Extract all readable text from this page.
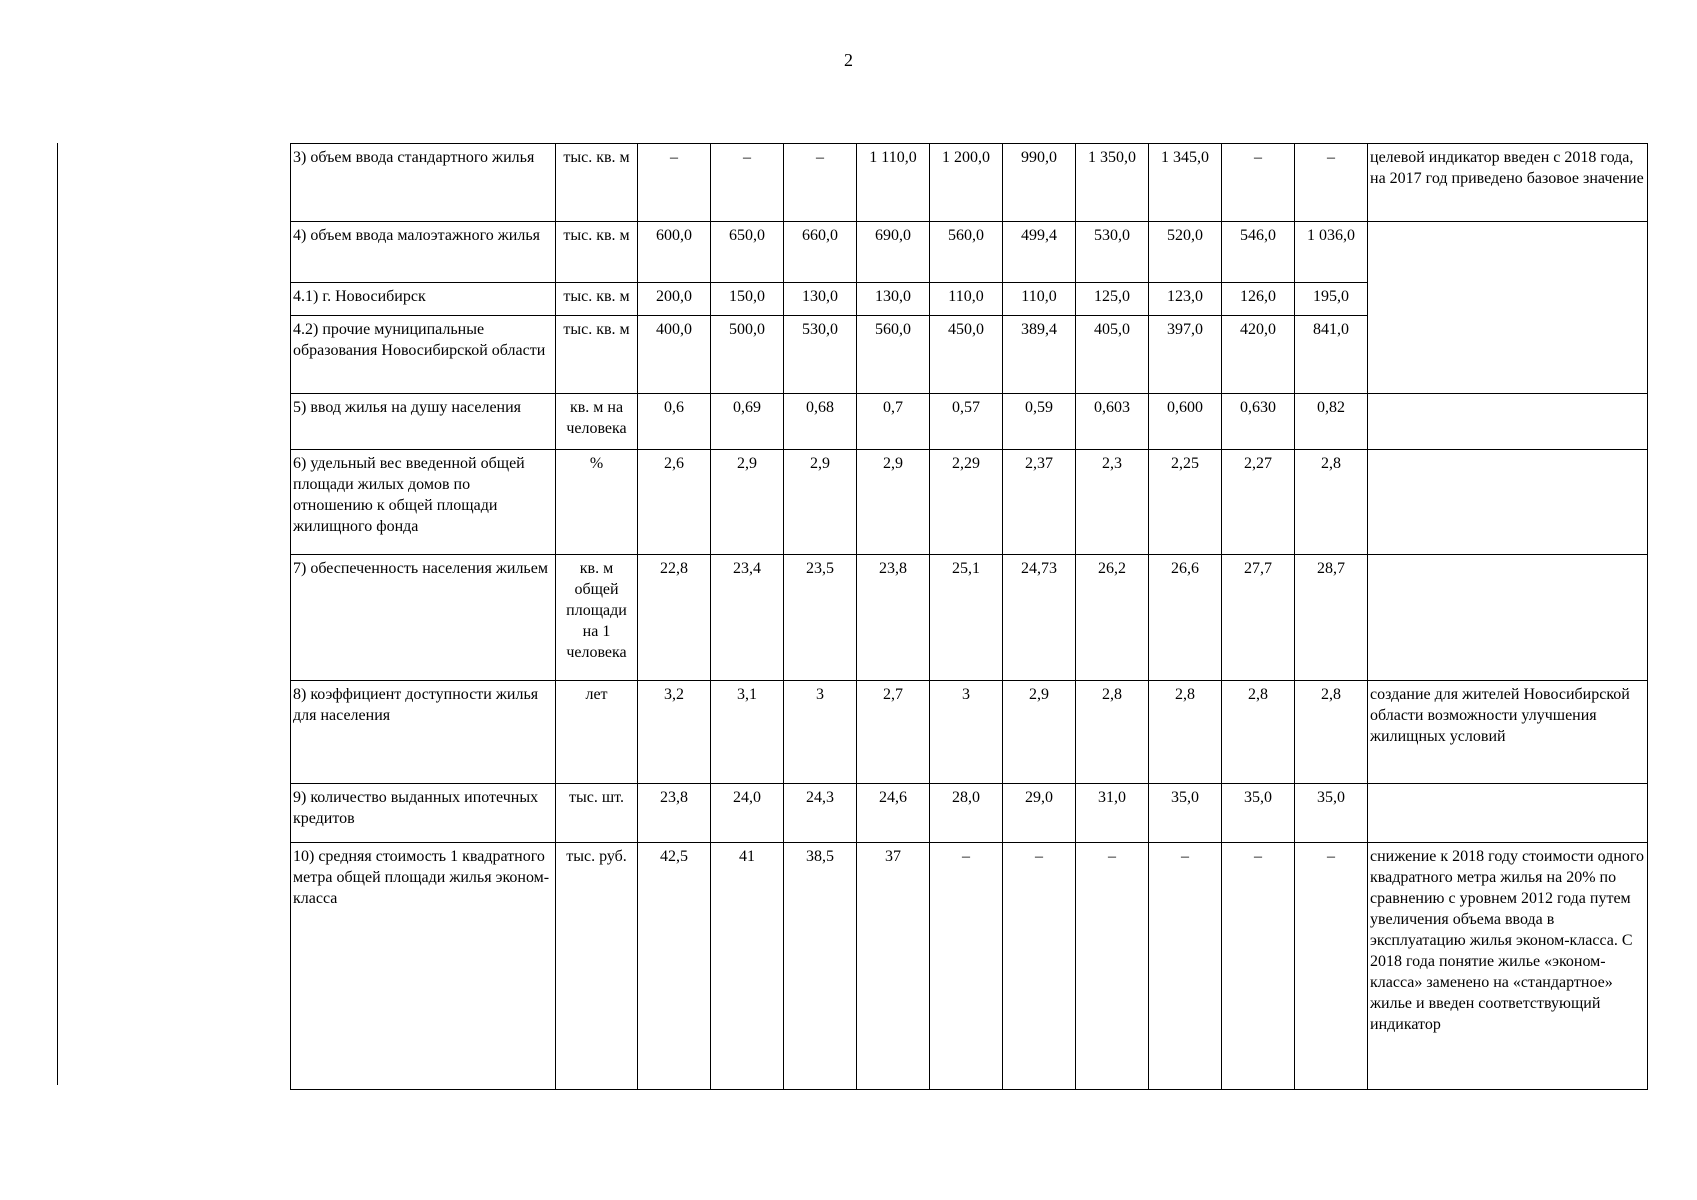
2
3) объем ввода стандартного жилья	тыс. кв. м	–	–	–	1 110,0	1 200,0	990,0	1 350,0	1 345,0	–	–	целевой индикатор введен с 2018 года, на 2017 год приведено базовое значение
4) объем ввода малоэтажного жилья	тыс. кв. м	600,0	650,0	660,0	690,0	560,0	499,4	530,0	520,0	546,0	1 036,0	
4.1) г. Новосибирск	тыс. кв. м	200,0	150,0	130,0	130,0	110,0	110,0	125,0	123,0	126,0	195,0	
4.2) прочие муниципальные образования Новосибирской области	тыс. кв. м	400,0	500,0	530,0	560,0	450,0	389,4	405,0	397,0	420,0	841,0	
5) ввод жилья на душу населения	кв. м на человека	0,6	0,69	0,68	0,7	0,57	0,59	0,603	0,600	0,630	0,82	
6) удельный вес введенной общей площади жилых домов по отношению к общей площади жилищного фонда	%	2,6	2,9	2,9	2,9	2,29	2,37	2,3	2,25	2,27	2,8	
7) обеспеченность населения жильем	кв. м общей площади на 1 человека	22,8	23,4	23,5	23,8	25,1	24,73	26,2	26,6	27,7	28,7	
8) коэффициент доступности жилья для населения	лет	3,2	3,1	3	2,7	3	2,9	2,8	2,8	2,8	2,8	создание для жителей Новосибирской области возможности улучшения жилищных условий
9) количество выданных ипотечных кредитов	тыс. шт.	23,8	24,0	24,3	24,6	28,0	29,0	31,0	35,0	35,0	35,0	
10) средняя стоимость 1 квадратного метра общей площади жилья эконом-класса	тыс. руб.	42,5	41	38,5	37	–	–	–	–	–	–	снижение к 2018 году стоимости одного квадратного метра жилья на 20% по сравнению с уровнем 2012 года путем увеличения объема ввода в эксплуатацию жилья эконом-класса. С 2018 года понятие жилье «эконом-класса» заменено на «стандартное» жилье и введен соответствующий индикатор
